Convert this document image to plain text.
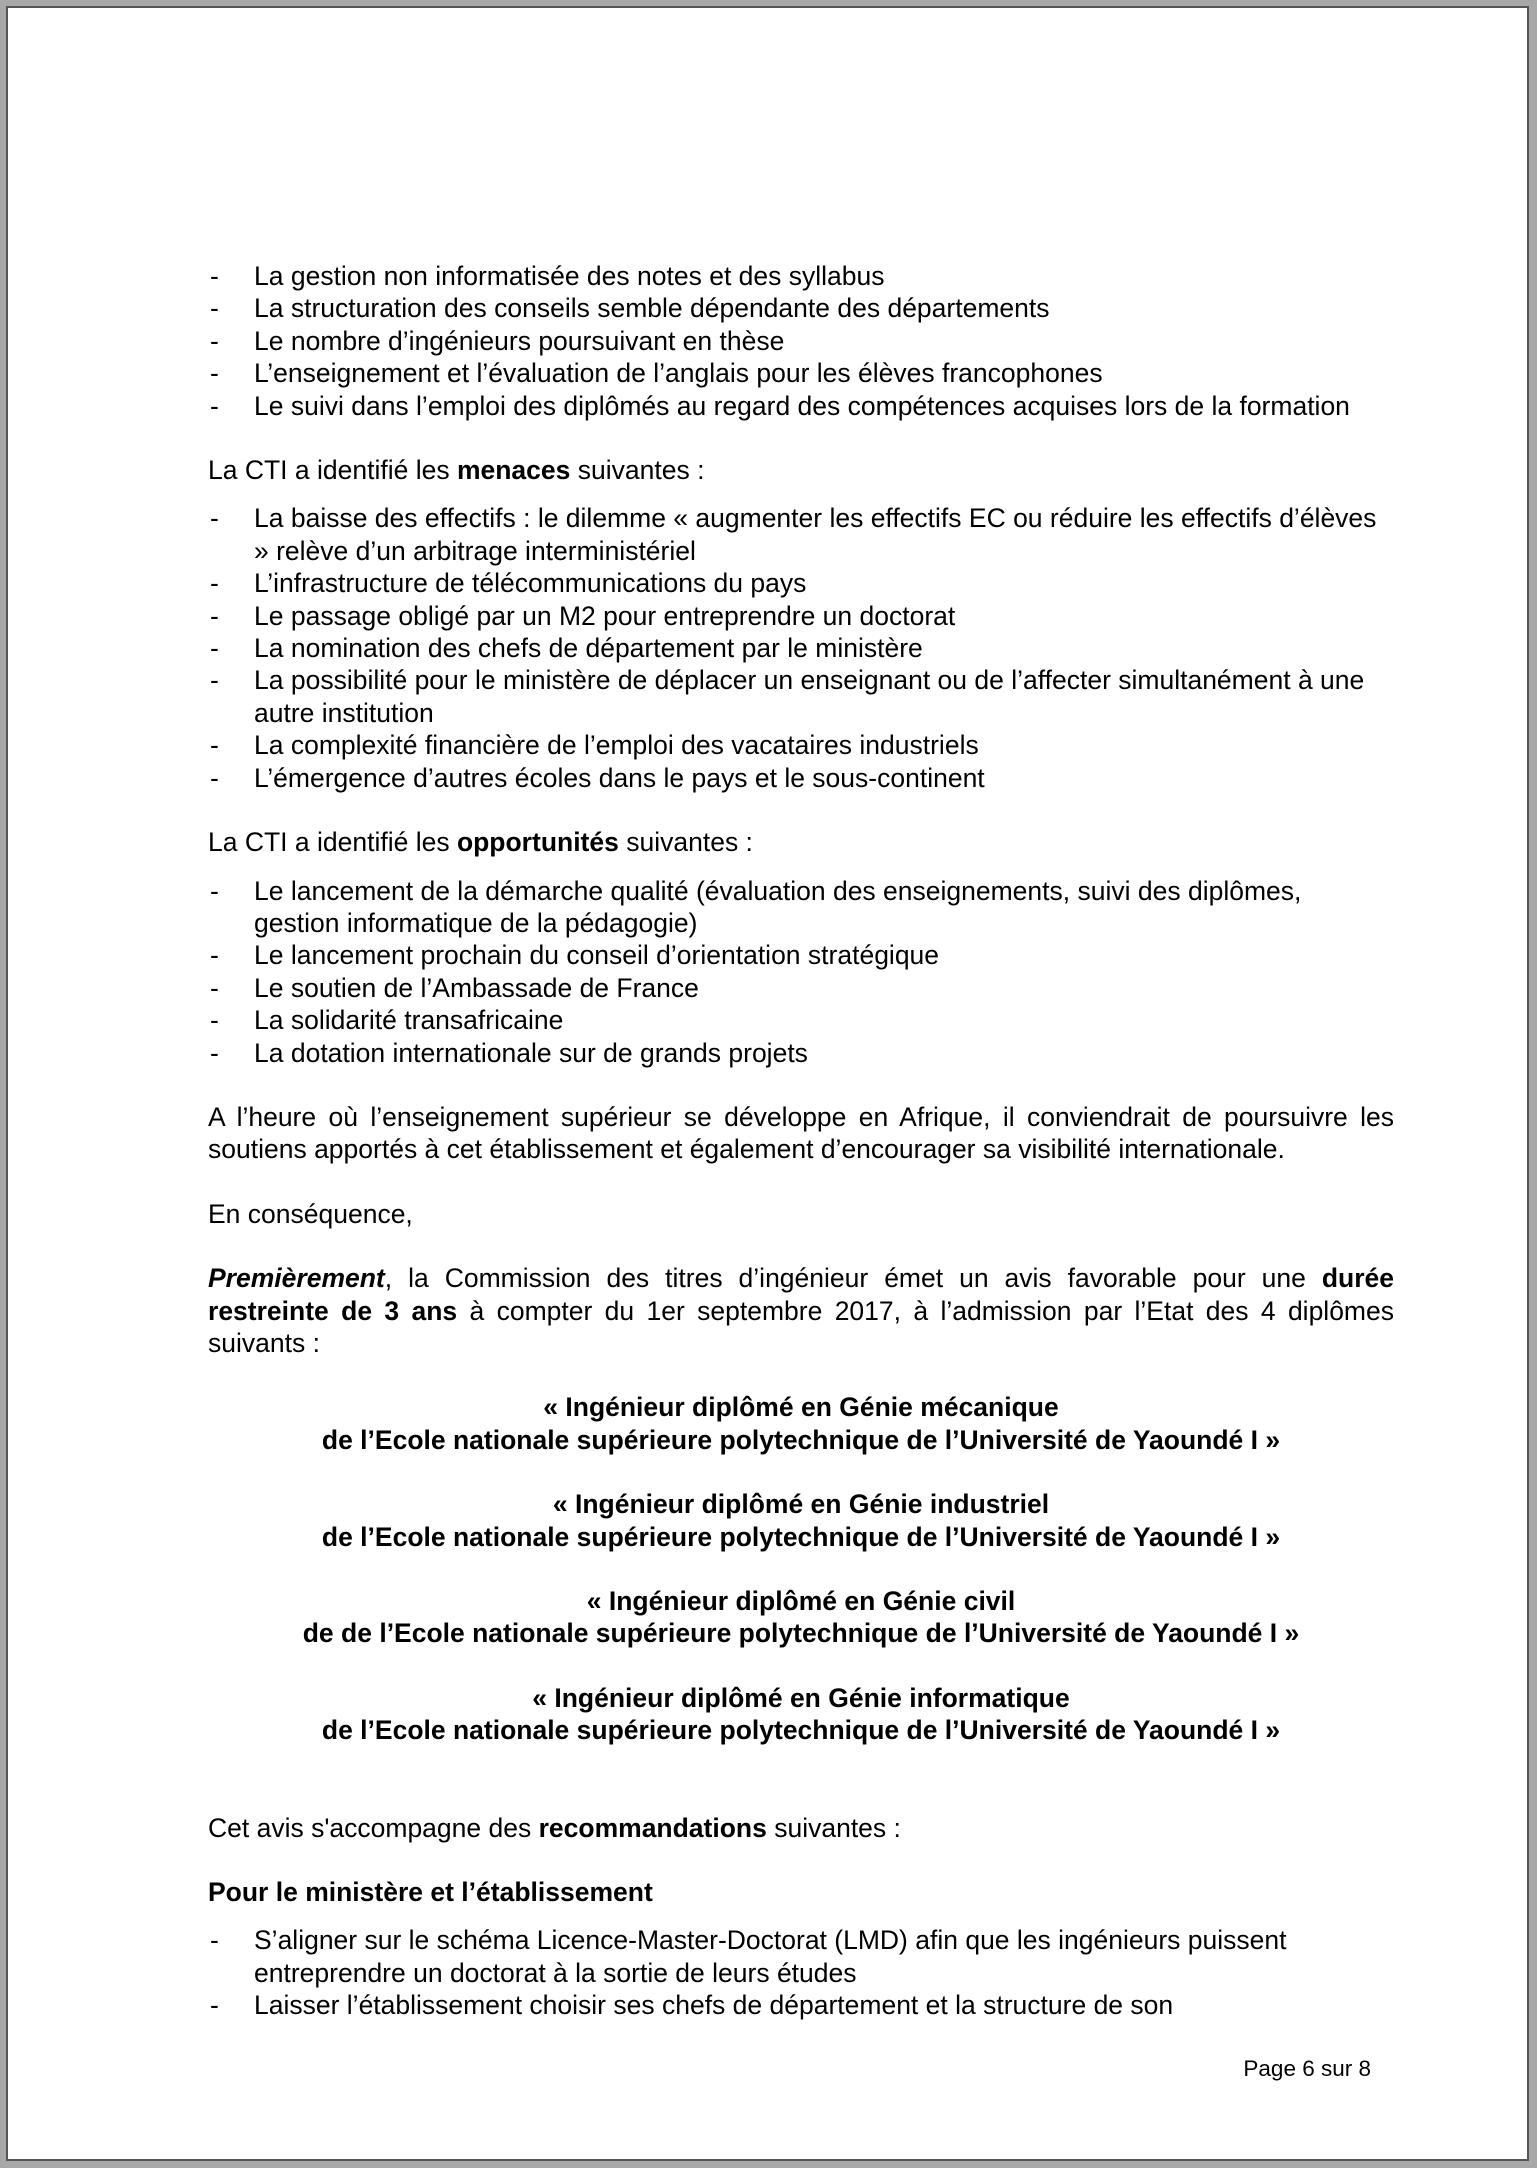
- La gestion non informatisée des notes et des syllabus
- La structuration des conseils semble dépendante des départements
- Le nombre d’ingénieurs poursuivant en thèse
- L’enseignement et l’évaluation de l’anglais pour les élèves francophones
- Le suivi dans l’emploi des diplômés au regard des compétences acquises lors de la formation

La CTI a identifié les menaces suivantes :

- La baisse des effectifs : le dilemme « augmenter les effectifs EC ou réduire les effectifs d’élèves » relève d’un arbitrage interministériel
- L’infrastructure de télécommunications du pays
- Le passage obligé par un M2 pour entreprendre un doctorat
- La nomination des chefs de département par le ministère
- La possibilité pour le ministère de déplacer un enseignant ou de l’affecter simultanément à une autre institution
- La complexité financière de l’emploi des vacataires industriels
- L’émergence d’autres écoles dans le pays et le sous-continent

La CTI a identifié les opportunités suivantes :

- Le lancement de la démarche qualité (évaluation des enseignements, suivi des diplômes, gestion informatique de la pédagogie)
- Le lancement prochain du conseil d’orientation stratégique
- Le soutien de l’Ambassade de France
- La solidarité transafricaine
- La dotation internationale sur de grands projets

A l’heure où l’enseignement supérieur se développe en Afrique, il conviendrait de poursuivre les soutiens apportés à cet établissement et également d’encourager sa visibilité internationale.

En conséquence,

Premièrement, la Commission des titres d’ingénieur émet un avis favorable pour une durée restreinte de 3 ans à compter du 1er septembre 2017, à l’admission par l’Etat des 4 diplômes suivants :

« Ingénieur diplômé en Génie mécanique

de l’Ecole nationale supérieure polytechnique de l’Université de Yaoundé I »

« Ingénieur diplômé en Génie industriel

de l’Ecole nationale supérieure polytechnique de l’Université de Yaoundé I »

« Ingénieur diplômé en Génie civil

de de l’Ecole nationale supérieure polytechnique de l’Université de Yaoundé I »

« Ingénieur diplômé en Génie informatique

de l’Ecole nationale supérieure polytechnique de l’Université de Yaoundé I »

Cet avis s'accompagne des recommandations suivantes :

Pour le ministère et l’établissement

- S’aligner sur le schéma Licence-Master-Doctorat (LMD) afin que les ingénieurs puissent entreprendre un doctorat à la sortie de leurs études
- Laisser l’établissement choisir ses chefs de département et la structure de son
Page 6 sur 8
